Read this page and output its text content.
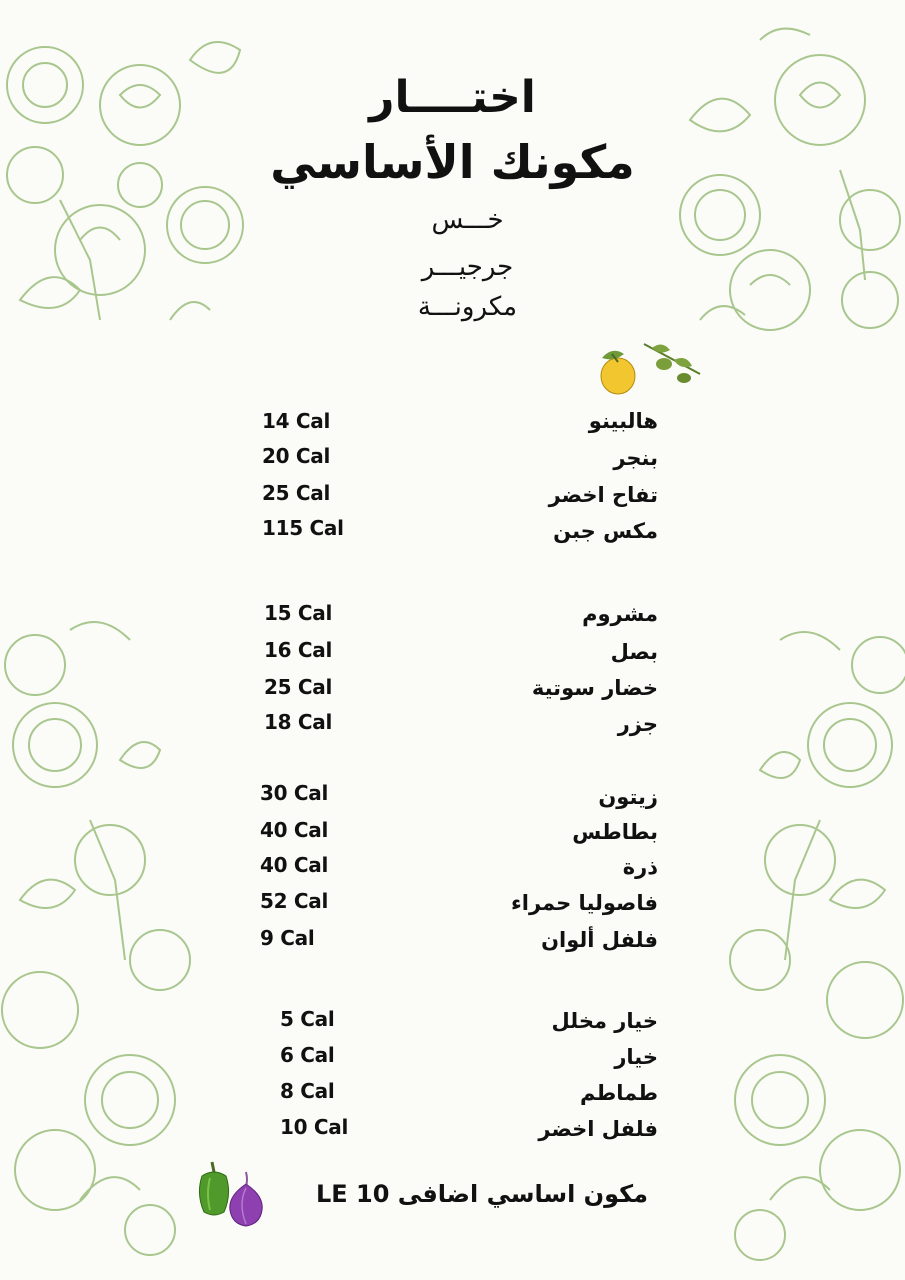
اختــــار
مكونك الأساسي
خـــس
جرجيـــر
مكرونـــة
هالبينو
14 Cal
بنجر
20 Cal
تفاح اخضر
25 Cal
مكس جبن
115 Cal
مشروم
15 Cal
بصل
16 Cal
خضار سوتية
25 Cal
جزر
18 Cal
زيتون
30 Cal
بطاطس
40 Cal
ذرة
40 Cal
فاصوليا حمراء
52 Cal
فلفل ألوان
9 Cal
خيار مخلل
5 Cal
خيار
6 Cal
طماطم
8 Cal
فلفل اخضر
10 Cal
مكون اساسي اضافى 10 LE
